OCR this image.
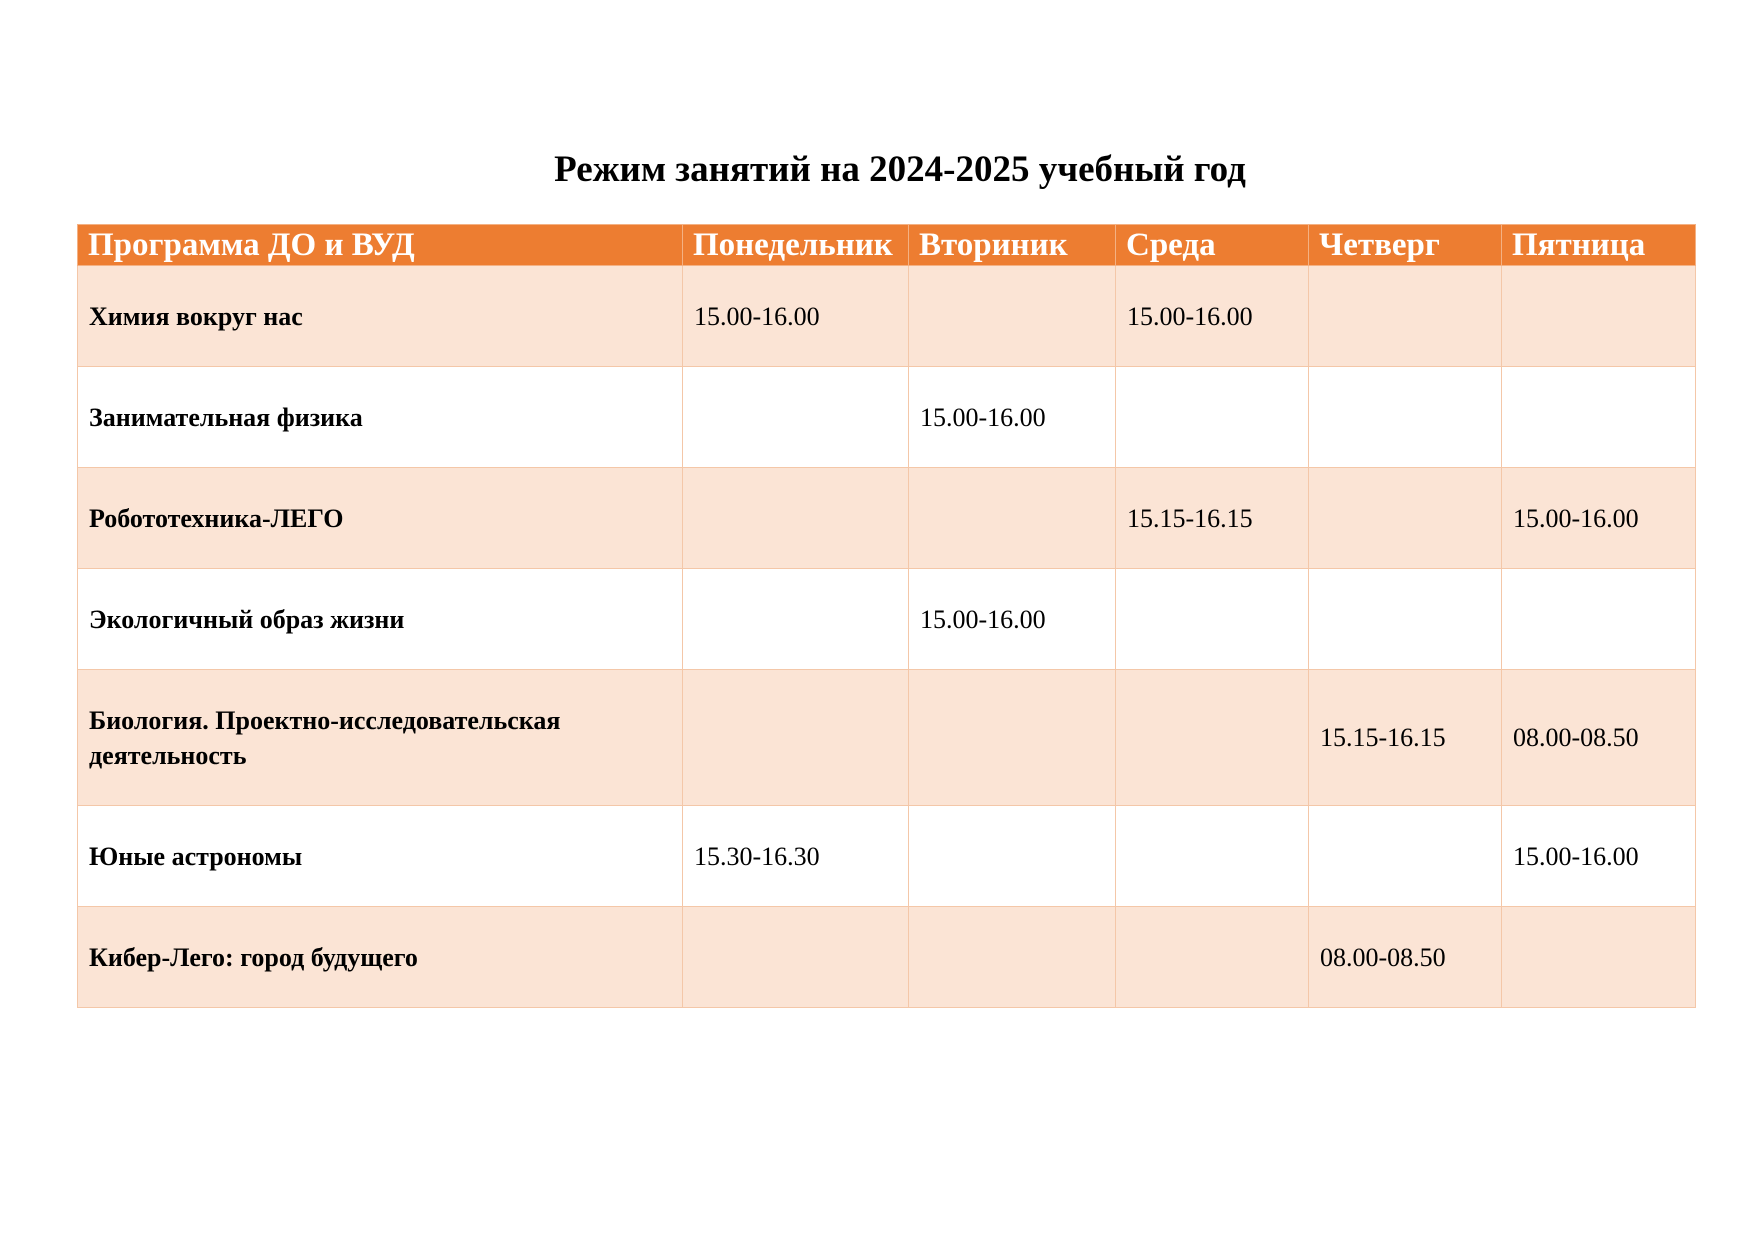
Режим занятий на 2024-2025 учебный год
Программа ДО и ВУД	Понедельник	Вториник	Среда	Четверг	Пятница
Химия вокруг нас	15.00-16.00		15.00-16.00		
Занимательная физика		15.00-16.00			
Робототехника-ЛЕГО			15.15-16.15		15.00-16.00
Экологичный образ жизни		15.00-16.00			
Биология. Проектно-исследовательская деятельность				15.15-16.15	08.00-08.50
Юные астрономы	15.30-16.30				15.00-16.00
Кибер-Лего: город будущего				08.00-08.50	
